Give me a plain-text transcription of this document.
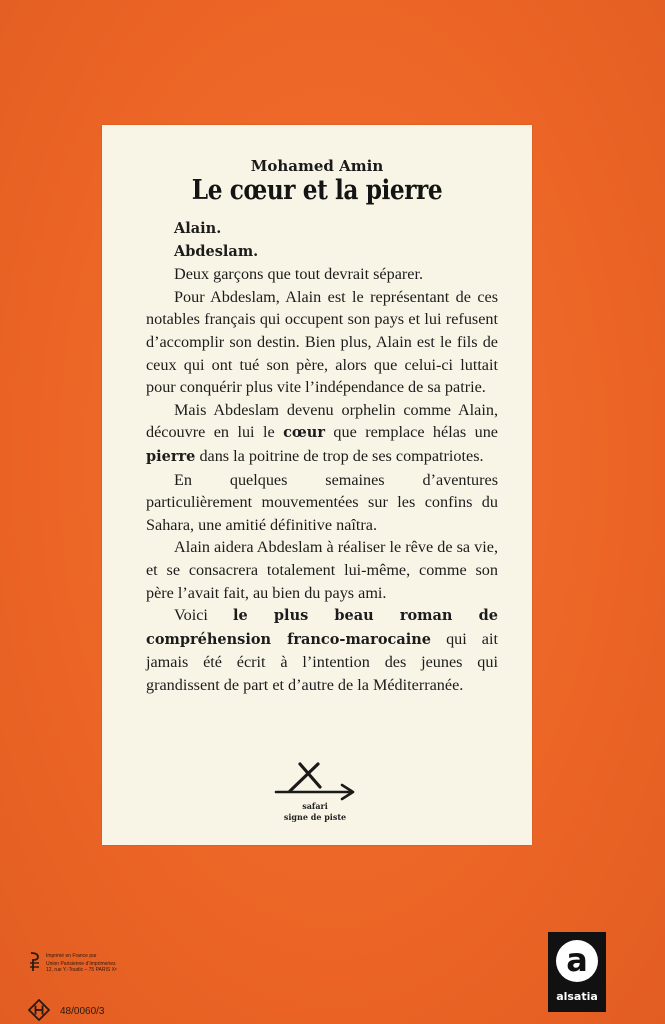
Mohamed Amin
Le cœur et la pierre

Alain.

Abdeslam.

Deux garçons que tout devrait séparer.

Pour Abdeslam, Alain est le représentant de ces notables français qui occupent son pays et lui refusent d’accomplir son destin. Bien plus, Alain est le fils de ceux qui ont tué son père, alors que celui-ci luttait pour conquérir plus vite l’indépendance de sa patrie.

Mais Abdeslam devenu orphelin comme Alain, découvre en lui le cœur que remplace hélas une pierre dans la poitrine de trop de ses compatriotes.

En quelques semaines d’aventures particulièrement mouvementées sur les confins du Sahara, une amitié définitive naîtra.

Alain aidera Abdeslam à réaliser le rêve de sa vie, et se consacrera totalement lui-même, comme son père l’avait fait, au bien du pays ami.

Voici le plus beau roman de compréhension franco-marocaine qui ait jamais été écrit à l’intention des jeunes qui grandissent de part et d’autre de la Méditerranée.

safari
signe de piste
Imprimé en France par
Union Parisienne d’Imprimeries
12, rue Y.-Toudic – 75 PARIS Xᵉ
48/0060/3
a
alsatia
